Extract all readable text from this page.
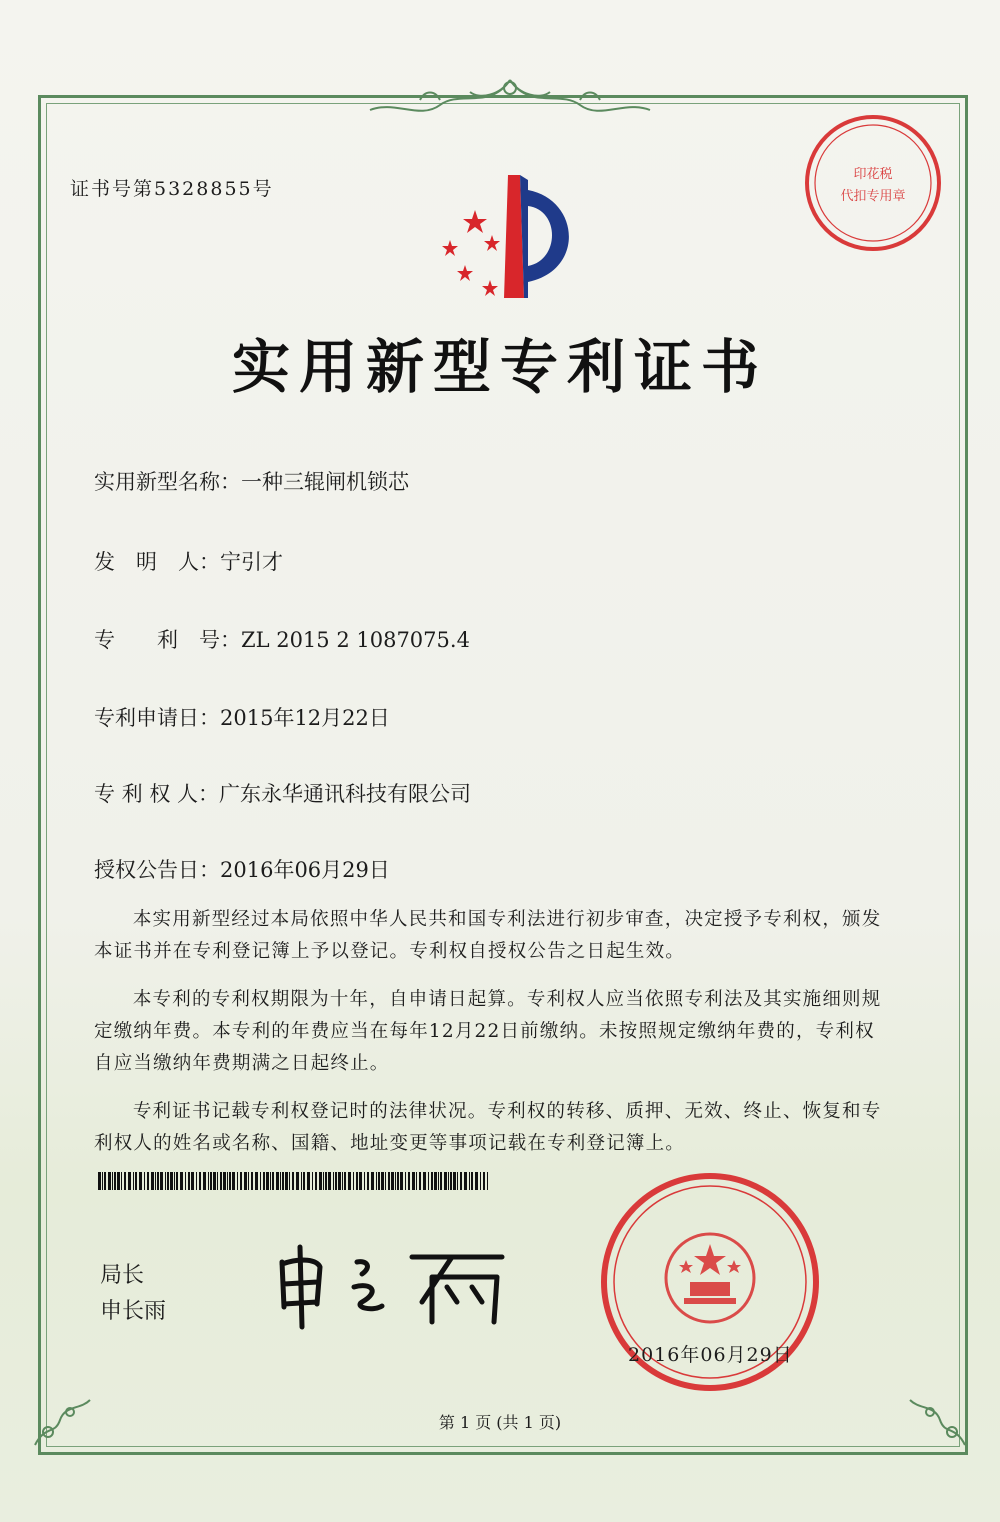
印花税
代扣专用章
证书号第5328855号
实用新型专利证书
实用新型名称：一种三辊闸机锁芯
发　明　人：宁引才
专　　利　号：ZL 2015 2 1087075.4
专利申请日：2015年12月22日
专 利 权 人：广东永华通讯科技有限公司
授权公告日：2016年06月29日

本实用新型经过本局依照中华人民共和国专利法进行初步审查，决定授予专利权，颁发本证书并在专利登记簿上予以登记。专利权自授权公告之日起生效。

本专利的专利权期限为十年，自申请日起算。专利权人应当依照专利法及其实施细则规定缴纳年费。本专利的年费应当在每年12月22日前缴纳。未按照规定缴纳年费的，专利权自应当缴纳年费期满之日起终止。

专利证书记载专利权登记时的法律状况。专利权的转移、质押、无效、终止、恢复和专利权人的姓名或名称、国籍、地址变更等事项记载在专利登记簿上。

局长
申长雨
2016年06月29日
第 1 页 (共 1 页)
